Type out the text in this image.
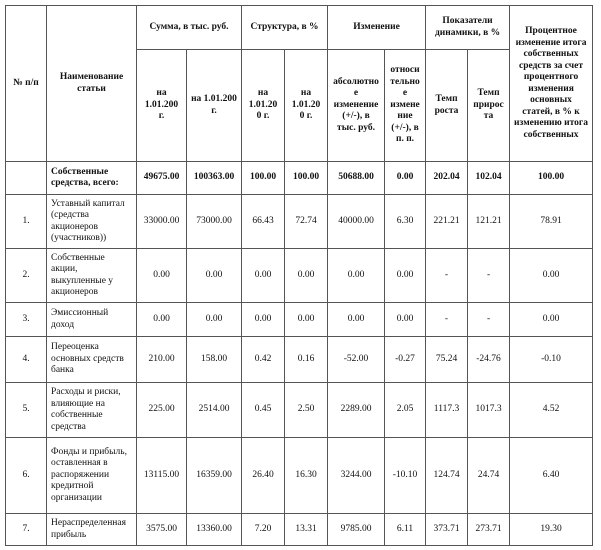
№ п/п	Наименование статьи	Сумма, в тыс. руб.		Структура, в %		Изменение		Показатели динамики, в %		Процентное изменение итога собственных средств за счет процентного изменения основных статей, в % к изменению итога собственных
		на 1.01.200 г.	на 1.01.200 г.	на 1.01.20 0 г.	на 1.01.20 0 г.	абсолютное изменение (+/-), в тыс. руб.	относительное изменение (+/-), в п. п.	Темп роста	Темп прироста	
	Собственные средства, всего:	49675.00	100363.00	100.00	100.00	50688.00	0.00	202.04	102.04	100.00
1.	Уставный капитал (средства акционеров (участников))	33000.00	73000.00	66.43	72.74	40000.00	6.30	221.21	121.21	78.91
2.	Собственные акции, выкупленные у акционеров	0.00	0.00	0.00	0.00	0.00	0.00	-	-	0.00
3.	Эмиссионный доход	0.00	0.00	0.00	0.00	0.00	0.00	-	-	0.00
4.	Переоценка основных средств банка	210.00	158.00	0.42	0.16	-52.00	-0.27	75.24	-24.76	-0.10
5.	Расходы и риски, влияющие на собственные средства	225.00	2514.00	0.45	2.50	2289.00	2.05	1117.3	1017.3	4.52
6.	Фонды и прибыль, оставленная в распоряжении кредитной организации	13115.00	16359.00	26.40	16.30	3244.00	-10.10	124.74	24.74	6.40
7.	Нераспределенная прибыль	3575.00	13360.00	7.20	13.31	9785.00	6.11	373.71	273.71	19.30
